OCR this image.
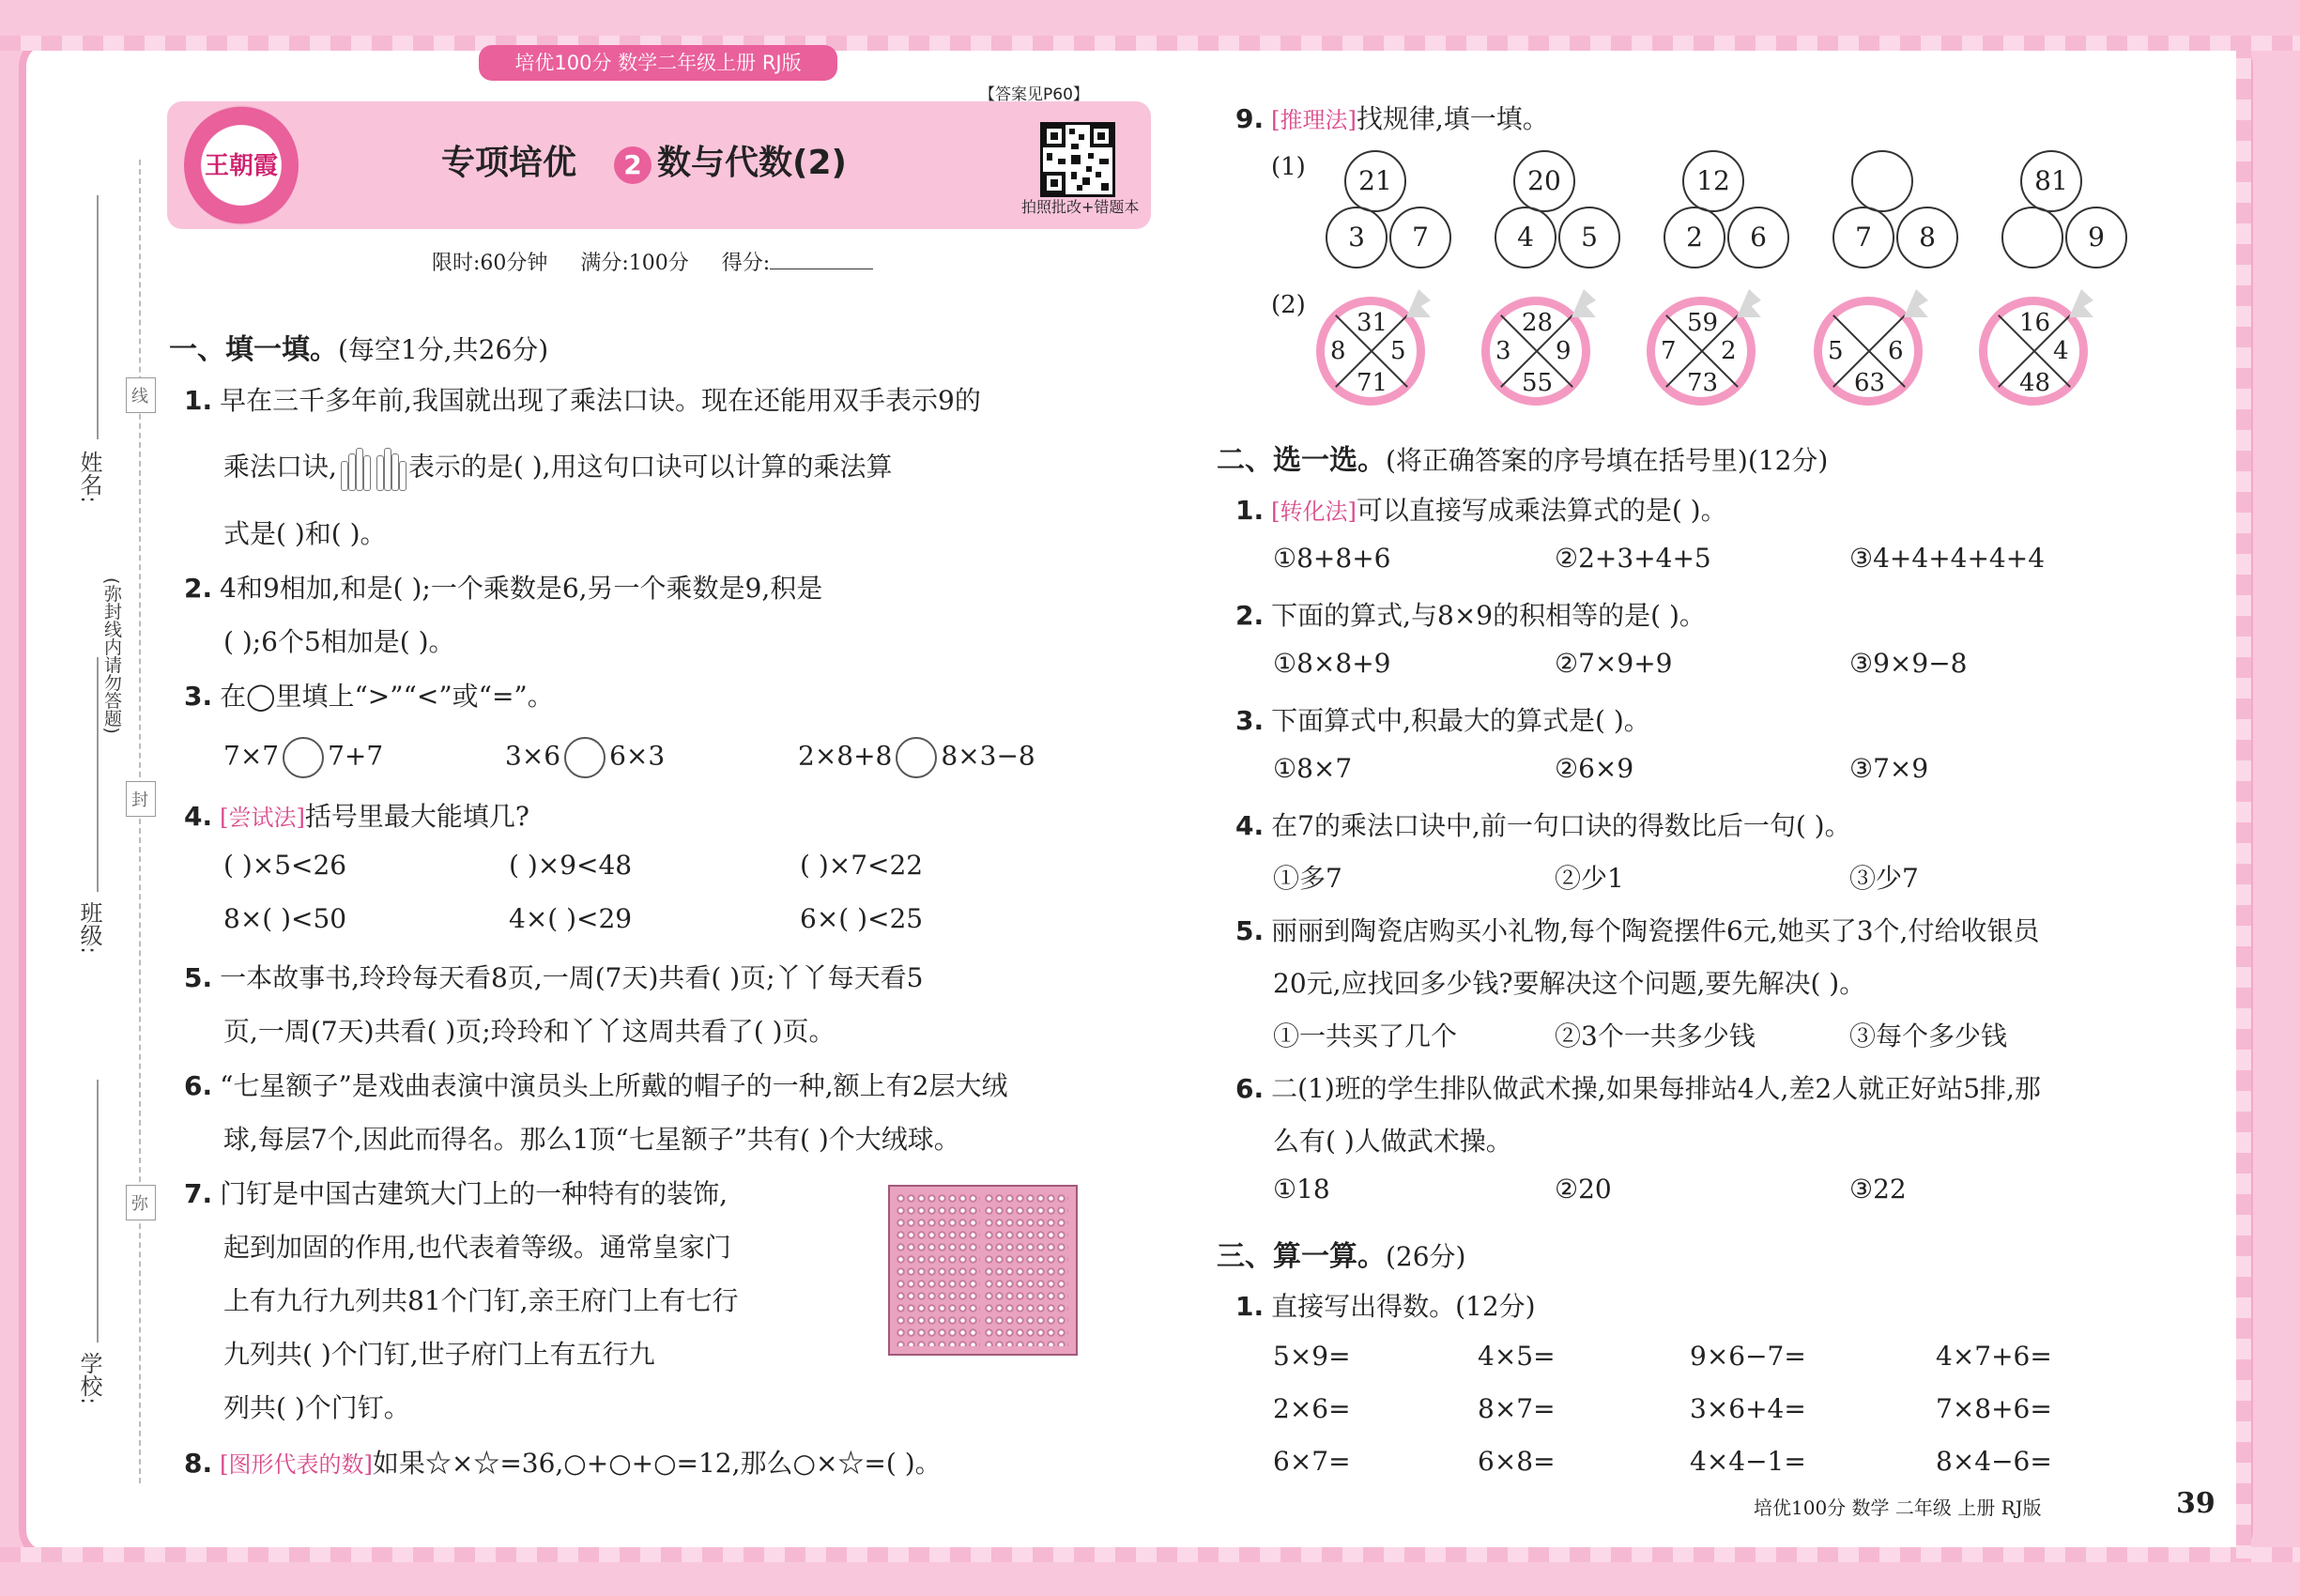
培优100分 数学二年级上册 RJ版
姓名:
(弥封线内请勿答题)
班级:
学校:
线
封
弥
王朝霞	专项培优 2 数与代数(2)
【答案见P60】
拍照批改+错题本
限时:60分钟 满分:100分 得分:
一、填一填。(每空1分,共26分)
1. 早在三千多年前,我国就出现了乘法口诀。现在还能用双手表示9的
乘法口诀,	表示的是( ),用这句口诀可以计算的乘法算
式是( )和( )。
2. 4和9相加,和是( );一个乘数是6,另一个乘数是9,积是
( );6个5相加是( )。
3. 在◯里填上“>”“<”或“=”。
7×7 7+7	3×6 6×3	2×8+8 8×3−8
4. [尝试法]括号里最大能填几?
( )×5<26	( )×9<48	( )×7<22
8×( )<50	4×( )<29	6×( )<25
5. 一本故事书,玲玲每天看8页,一周(7天)共看( )页;丫丫每天看5
页,一周(7天)共看( )页;玲玲和丫丫这周共看了( )页。
6. “七星额子”是戏曲表演中演员头上所戴的帽子的一种,额上有2层大绒
球,每层7个,因此而得名。那么1顶“七星额子”共有( )个大绒球。
7. 门钉是中国古建筑大门上的一种特有的装饰,
起到加固的作用,也代表着等级。通常皇家门
上有九行九列共81个门钉,亲王府门上有七行
九列共( )个门钉,世子府门上有五行九
列共( )个门钉。
8. [图形代表的数]如果☆×☆=36,○+○+○=12,那么○×☆=( )。
9. [推理法]找规律,填一填。
(1)
(2)
21
3	7
20
4	5
12
2	6	7	8
81
9
31
8 5
71
28
3 9
55
59
7 2
73
5 6
63
16
4
48
二、选一选。(将正确答案的序号填在括号里)(12分)
1. [转化法]可以直接写成乘法算式的是( )。
①8+8+6	②2+3+4+5	③4+4+4+4+4
2. 下面的算式,与8×9的积相等的是( )。
①8×8+9	②7×9+9	③9×9−8
3. 下面算式中,积最大的算式是( )。
①8×7	②6×9	③7×9
4. 在7的乘法口诀中,前一句口诀的得数比后一句( )。
①多7	②少1	③少7
5. 丽丽到陶瓷店购买小礼物,每个陶瓷摆件6元,她买了3个,付给收银员
20元,应找回多少钱?要解决这个问题,要先解决( )。
①一共买了几个	②3个一共多少钱	③每个多少钱
6. 二(1)班的学生排队做武术操,如果每排站4人,差2人就正好站5排,那
么有( )人做武术操。
①18	②20	③22
三、算一算。(26分)
1. 直接写出得数。(12分)
5×9=	4×5=	9×6−7=	4×7+6=
2×6=	8×7=	3×6+4=	7×8+6=
6×7=	6×8=	4×4−1=	8×4−6=
培优100分 数学 二年级 上册 RJ版	39
